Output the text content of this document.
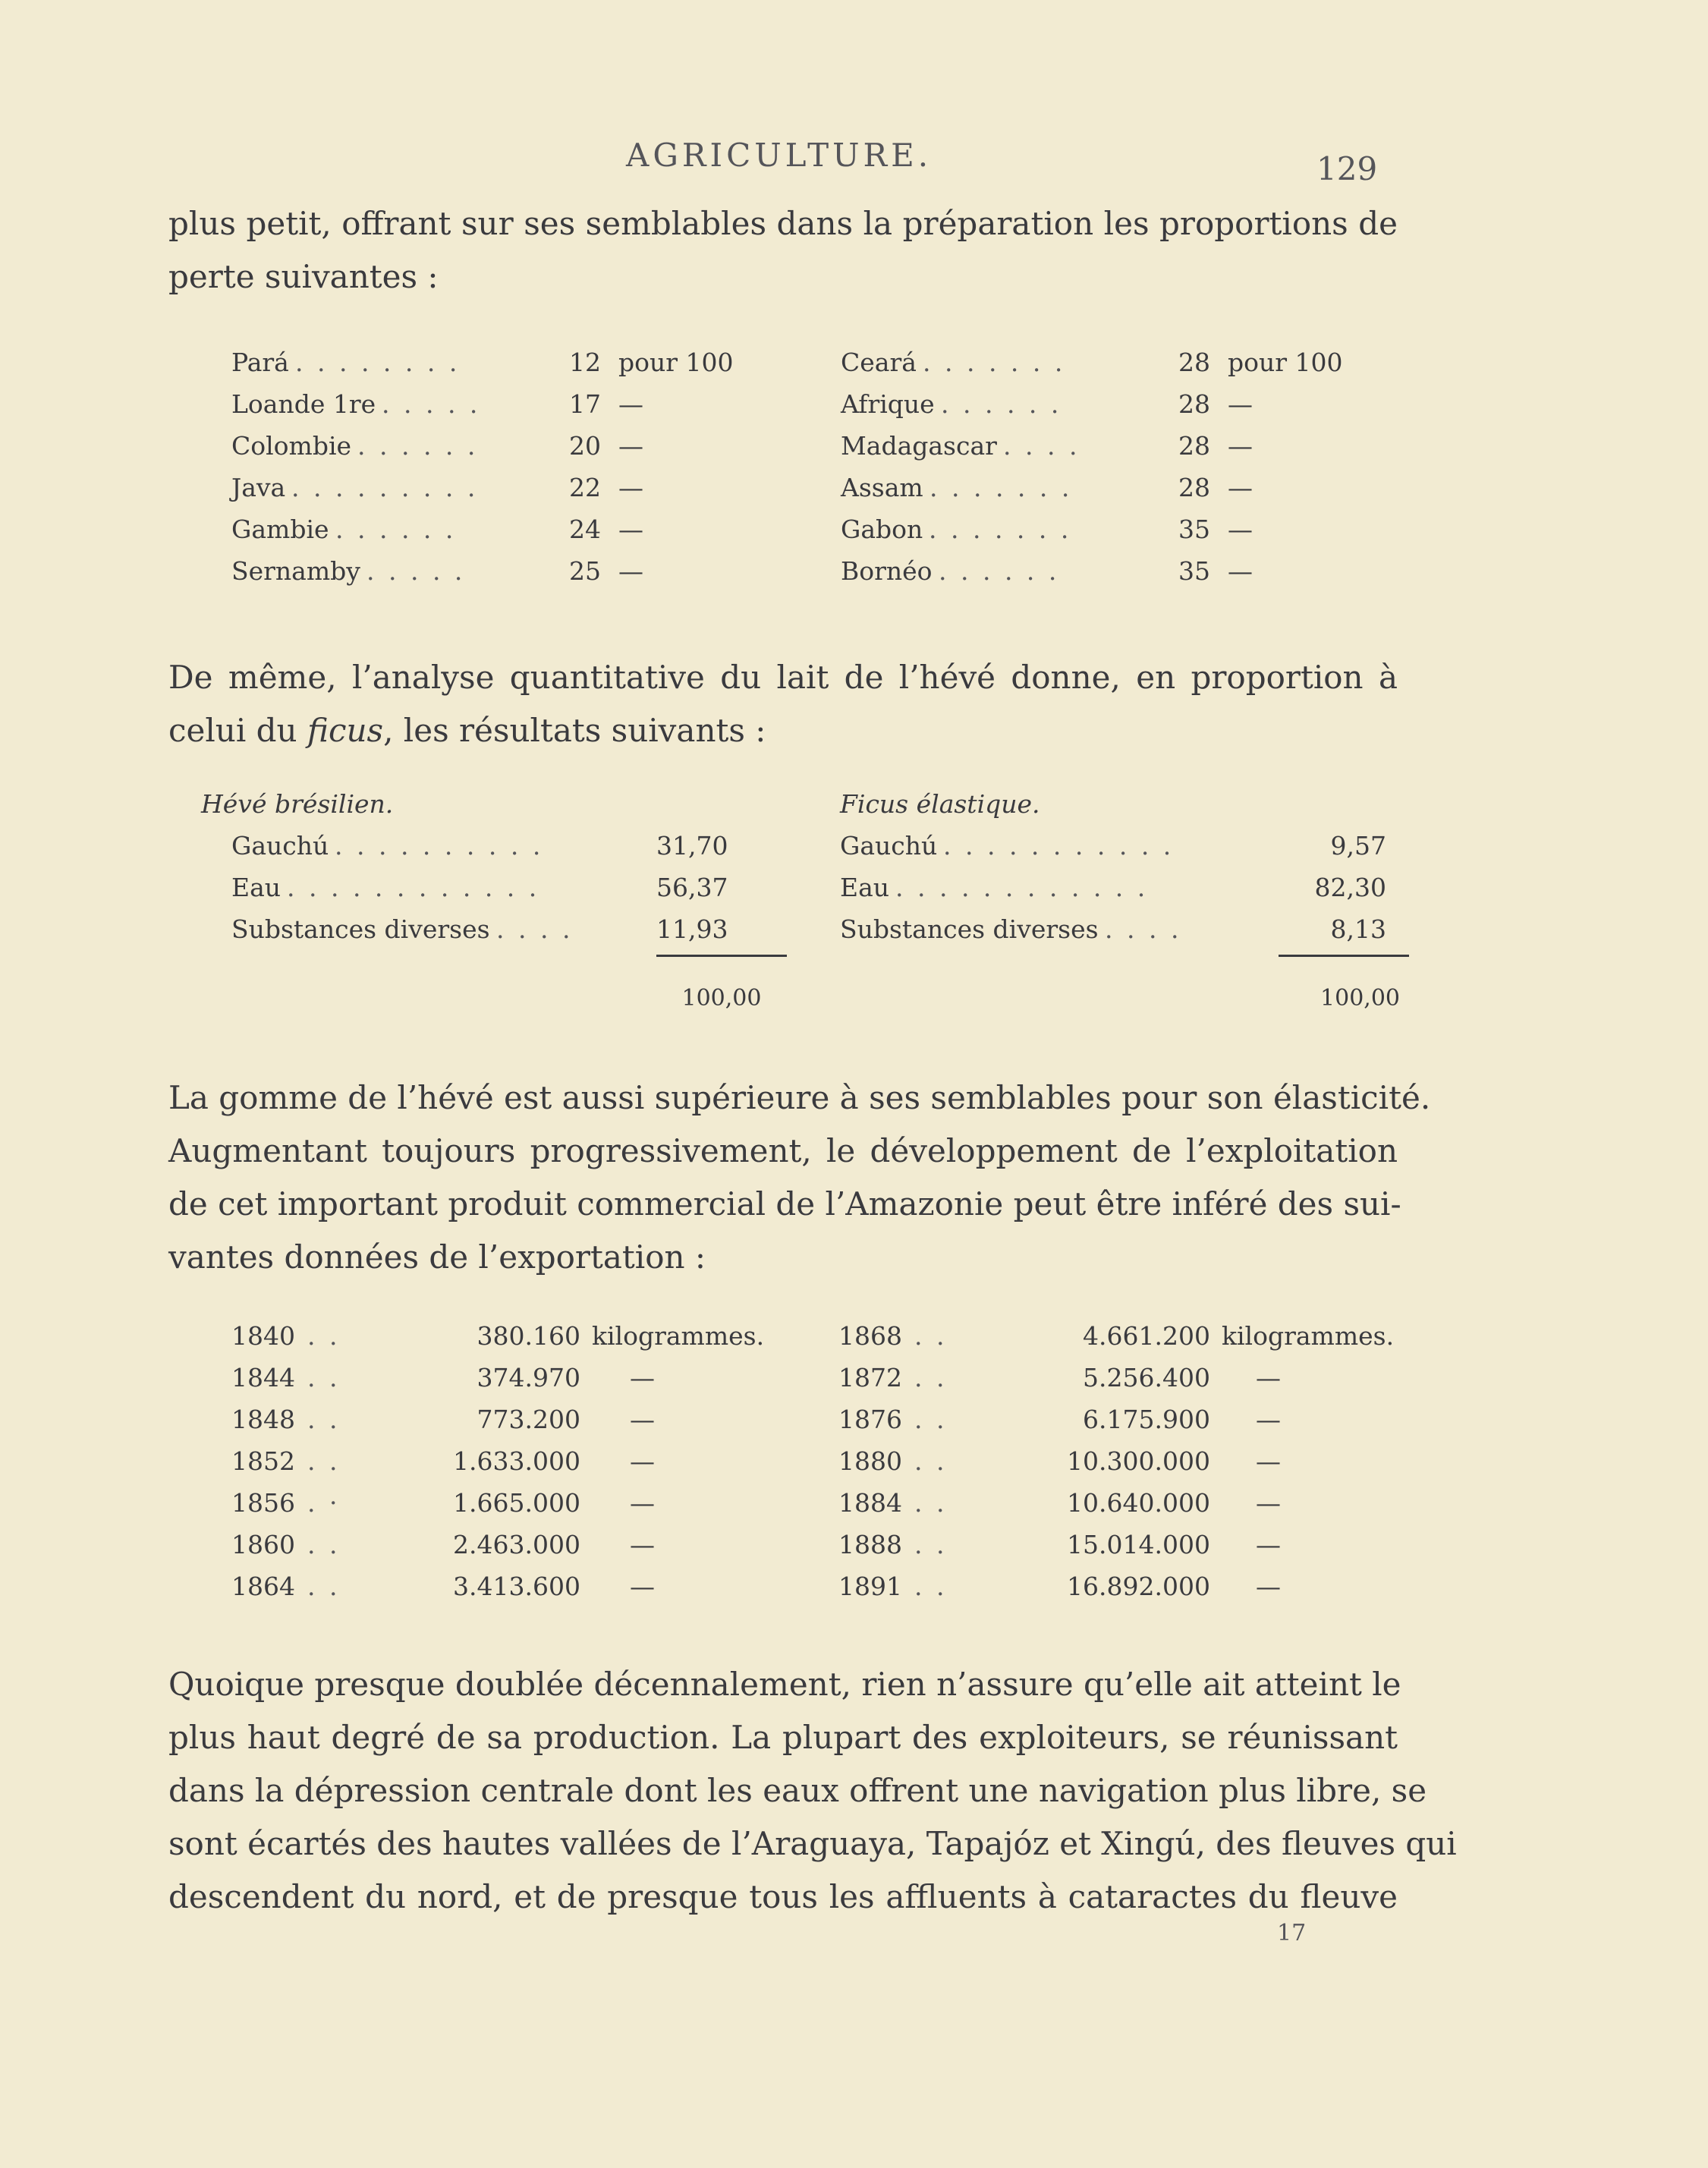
AGRICULTURE.	129
plus petit, offrant sur ses semblables dans la préparation les proportions de
perte suivantes :
Pará . . . . . . . .	12 pour 100
Loande 1re . . . . .	17 —
Colombie . . . . . .	20 —
Java . . . . . . . . .	22 —
Gambie . . . . . .	24 —
Sernamby . . . . .	25 —
Ceará . . . . . . .	28 pour 100
Afrique . . . . . .	28 —
Madagascar . . . .	28 —
Assam . . . . . . .	28 —
Gabon . . . . . . .	35 —
Bornéo . . . . . .	35 —
De même, l’analyse quantitative du lait de l’hévé donne, en proportion à
celui du ficus, les résultats suivants :
Hévé brésilien.	Ficus élastique.
Gauchú . . . . . . . . . .	31,70
Eau . . . . . . . . . . . .	56,37
Substances diverses . . . .	11,93
Gauchú . . . . . . . . . . .	9,57
Eau . . . . . . . . . . . .	82,30
Substances diverses . . . .	8,13
100,00	100,00
La gomme de l’hévé est aussi supérieure à ses semblables pour son élasticité.
Augmentant toujours progressivement, le développement de l’exploitation
de cet important produit commercial de l’Amazonie peut être inféré des sui-
vantes données de l’exportation :
1840 . .	380.160 kilogrammes.
1844 . .	374.970 —
1848 . .	773.200 —
1852 . .	1.633.000 —
1856 . ·	1.665.000 —
1860 . .	2.463.000 —
1864 . .	3.413.600 —
1868 . .	4.661.200 kilogrammes.
1872 . .	5.256.400 —
1876 . .	6.175.900 —
1880 . .	10.300.000 —
1884 . .	10.640.000 —
1888 . .	15.014.000 —
1891 . .	16.892.000 —
Quoique presque doublée décennalement, rien n’assure qu’elle ait atteint le
plus haut degré de sa production. La plupart des exploiteurs, se réunissant
dans la dépression centrale dont les eaux offrent une navigation plus libre, se
sont écartés des hautes vallées de l’Araguaya, Tapajóz et Xingú, des fleuves qui
descendent du nord, et de presque tous les affluents à cataractes du fleuve
17
